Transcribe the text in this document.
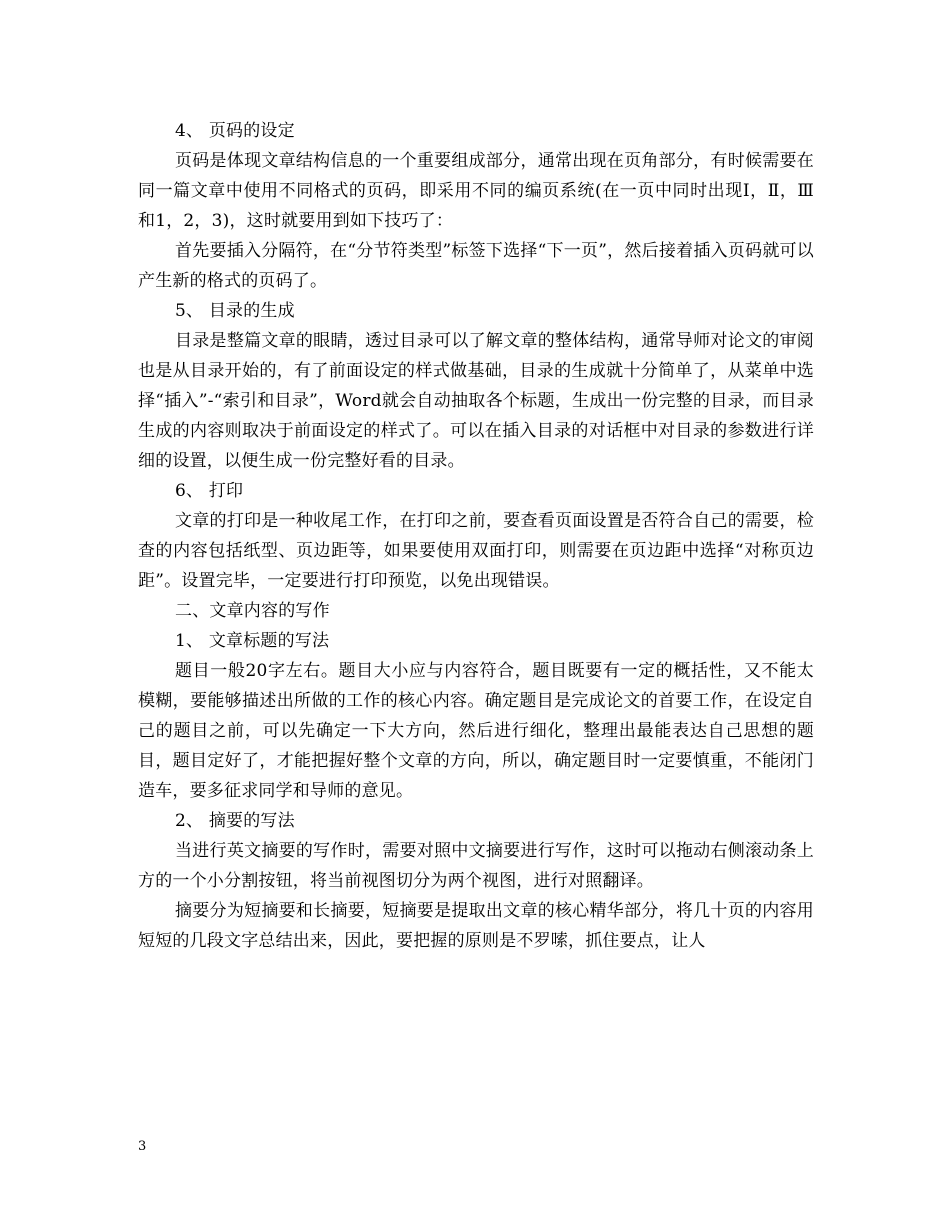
4、 页码的设定

页码是体现文章结构信息的一个重要组成部分，通常出现在页角部分，有时候需要在同一篇文章中使用不同格式的页码，即采用不同的编页系统(在一页中同时出现Ⅰ，Ⅱ，Ⅲ和1，2，3)，这时就要用到如下技巧了：

首先要插入分隔符，在“分节符类型”标签下选择“下一页”，然后接着插入页码就可以产生新的格式的页码了。

5、 目录的生成

目录是整篇文章的眼睛，透过目录可以了解文章的整体结构，通常导师对论文的审阅也是从目录开始的，有了前面设定的样式做基础，目录的生成就十分简单了，从菜单中选择“插入”-“索引和目录”，Word就会自动抽取各个标题，生成出一份完整的目录，而目录生成的内容则取决于前面设定的样式了。可以在插入目录的对话框中对目录的参数进行详细的设置，以便生成一份完整好看的目录。

6、 打印

文章的打印是一种收尾工作，在打印之前，要查看页面设置是否符合自己的需要，检查的内容包括纸型、页边距等，如果要使用双面打印，则需要在页边距中选择“对称页边距”。设置完毕，一定要进行打印预览，以免出现错误。

二、文章内容的写作

1、 文章标题的写法

题目一般20字左右。题目大小应与内容符合，题目既要有一定的概括性，又不能太模糊，要能够描述出所做的工作的核心内容。确定题目是完成论文的首要工作，在设定自己的题目之前，可以先确定一下大方向，然后进行细化，整理出最能表达自己思想的题目，题目定好了，才能把握好整个文章的方向，所以，确定题目时一定要慎重，不能闭门造车，要多征求同学和导师的意见。

2、 摘要的写法

当进行英文摘要的写作时，需要对照中文摘要进行写作，这时可以拖动右侧滚动条上方的一个小分割按钮，将当前视图切分为两个视图，进行对照翻译。

摘要分为短摘要和长摘要，短摘要是提取出文章的核心精华部分，将几十页的内容用短短的几段文字总结出来，因此，要把握的原则是不罗嗦，抓住要点，让人

3
